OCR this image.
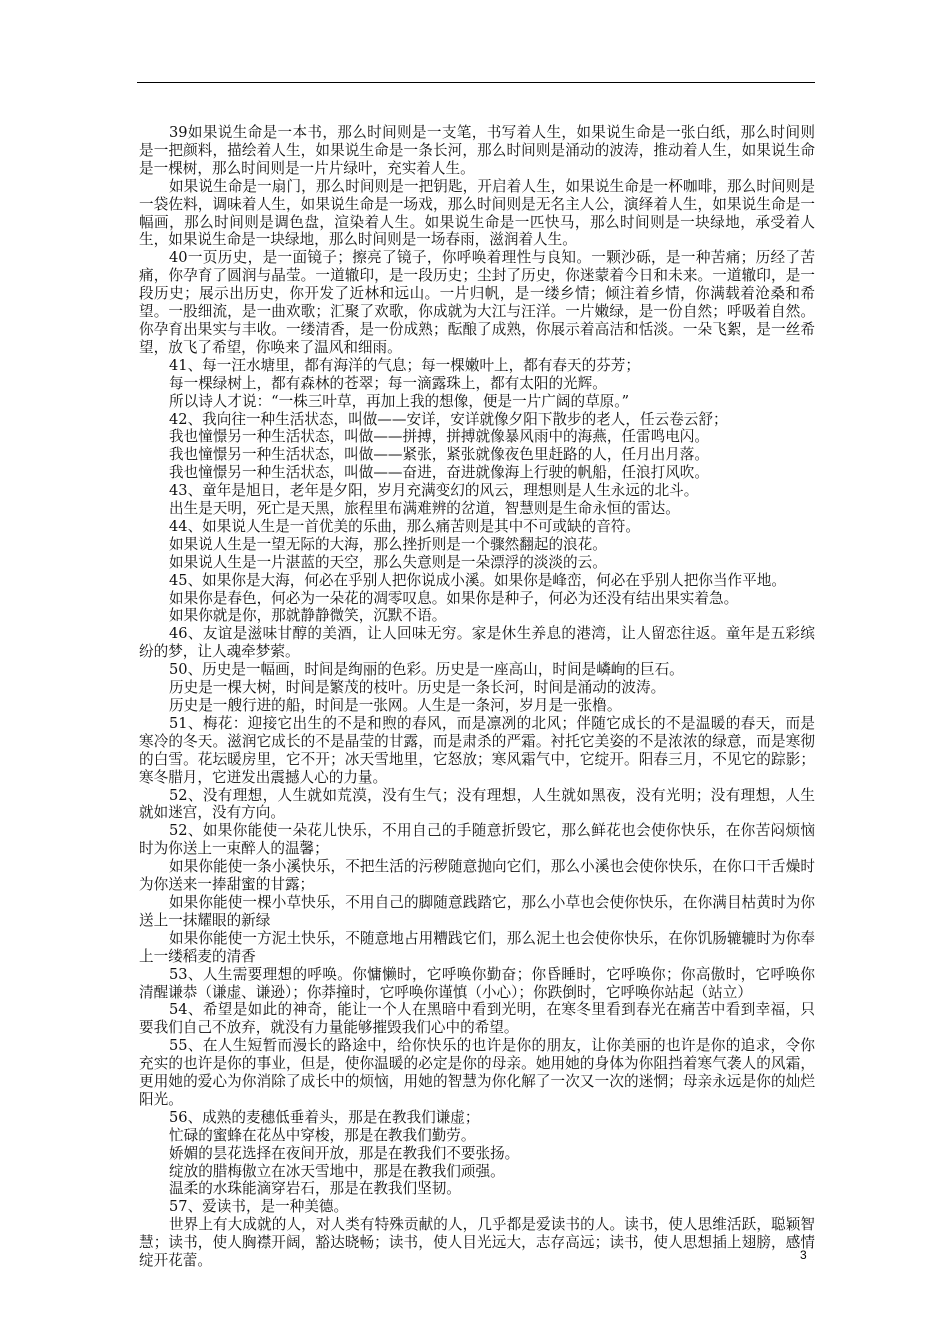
39如果说生命是一本书，那么时间则是一支笔，书写着人生，如果说生命是一张白纸，那么时间则是一把颜料，描绘着人生，如果说生命是一条长河，那么时间则是涌动的波涛，推动着人生，如果说生命是一棵树，那么时间则是一片片绿叶，充实着人生。

如果说生命是一扇门，那么时间则是一把钥匙，开启着人生，如果说生命是一杯咖啡，那么时间则是一袋佐料，调味着人生，如果说生命是一场戏，那么时间则是无名主人公，演绎着人生，如果说生命是一幅画，那么时间则是调色盘，渲染着人生。如果说生命是一匹快马，那么时间则是一块绿地，承受着人生，如果说生命是一块绿地，那么时间则是一场春雨，滋润着人生。

40一页历史，是一面镜子；擦亮了镜子，你呼唤着理性与良知。一颗沙砾，是一种苦痛；历经了苦痛，你孕育了圆润与晶莹。一道辙印，是一段历史；尘封了历史，你迷蒙着今日和未来。一道辙印，是一段历史；展示出历史，你开发了近林和远山。一片归帆，是一缕乡情；倾注着乡情，你满载着沧桑和希望。一股细流，是一曲欢歌；汇聚了欢歌，你成就为大江与汪洋。一片嫩绿，是一份自然；呼吸着自然。你孕育出果实与丰收。一缕清香，是一份成熟；酝酿了成熟，你展示着高洁和恬淡。一朵飞絮，是一丝希望，放飞了希望，你唤来了温风和细雨。

41、每一汪水塘里，都有海洋的气息；每一棵嫩叶上，都有春天的芬芳；

每一棵绿树上，都有森林的苍翠；每一滴露珠上，都有太阳的光辉。

所以诗人才说：“一株三叶草，再加上我的想像，便是一片广阔的草原。”

42、我向往一种生活状态，叫做——安详，安详就像夕阳下散步的老人，任云卷云舒；

我也憧憬另一种生活状态，叫做——拼搏，拼搏就像暴风雨中的海燕，任雷鸣电闪。

我也憧憬另一种生活状态，叫做——紧张，紧张就像夜色里赶路的人，任月出月落。

我也憧憬另一种生活状态，叫做——奋进，奋进就像海上行驶的帆船，任浪打风吹。

43、童年是旭日，老年是夕阳，岁月充满变幻的风云，理想则是人生永远的北斗。

出生是天明，死亡是天黑，旅程里布满难辨的岔道，智慧则是生命永恒的雷达。

44、如果说人生是一首优美的乐曲，那么痛苦则是其中不可或缺的音符。

如果说人生是一望无际的大海，那么挫折则是一个骤然翻起的浪花。

如果说人生是一片湛蓝的天空，那么失意则是一朵漂浮的淡淡的云。

45、如果你是大海，何必在乎别人把你说成小溪。如果你是峰峦，何必在乎别人把你当作平地。

如果你是春色，何必为一朵花的凋零叹息。如果你是种子，何必为还没有结出果实着急。

如果你就是你，那就静静微笑，沉默不语。

46、友谊是滋味甘醇的美酒，让人回味无穷。家是休生养息的港湾，让人留恋往返。童年是五彩缤纷的梦，让人魂牵梦萦。

50、历史是一幅画，时间是绚丽的色彩。历史是一座高山，时间是嶙峋的巨石。

历史是一棵大树，时间是繁茂的枝叶。历史是一条长河，时间是涌动的波涛。

历史是一艘行进的船，时间是一张网。人生是一条河，岁月是一张橹。

51、梅花：迎接它出生的不是和煦的春风，而是凛冽的北风；伴随它成长的不是温暖的春天，而是寒冷的冬天。滋润它成长的不是晶莹的甘露，而是肃杀的严霜。衬托它美姿的不是浓浓的绿意，而是寒彻的白雪。花坛暖房里，它不开；冰天雪地里，它怒放；寒风霜气中，它绽开。阳春三月，不见它的踪影；寒冬腊月，它迸发出震撼人心的力量。

52、没有理想，人生就如荒漠，没有生气；没有理想，人生就如黑夜，没有光明；没有理想，人生就如迷宫，没有方向。

52、如果你能使一朵花儿快乐，不用自己的手随意折毁它，那么鲜花也会使你快乐，在你苦闷烦恼时为你送上一束醉人的温馨；

如果你能使一条小溪快乐，不把生活的污秽随意抛向它们，那么小溪也会使你快乐，在你口干舌燥时为你送来一捧甜蜜的甘露；

如果你能使一棵小草快乐，不用自己的脚随意践踏它，那么小草也会使你快乐，在你满目枯黄时为你送上一抹耀眼的新绿

如果你能使一方泥土快乐，不随意地占用糟践它们，那么泥土也会使你快乐，在你饥肠辘辘时为你奉上一缕稻麦的清香

53、人生需要理想的呼唤。你慵懒时，它呼唤你勤奋；你昏睡时，它呼唤你；你高傲时，它呼唤你清醒谦恭（谦虚、谦逊）；你莽撞时，它呼唤你谨慎（小心）；你跌倒时，它呼唤你站起（站立）

54、希望是如此的神奇，能让一个人在黑暗中看到光明，在寒冬里看到春光在痛苦中看到幸福，只要我们自己不放弃，就没有力量能够摧毁我们心中的希望。

55、在人生短暂而漫长的路途中，给你快乐的也许是你的朋友，让你美丽的也许是你的追求，令你充实的也许是你的事业，但是，使你温暖的必定是你的母亲。她用她的身体为你阻挡着寒气袭人的风霜，更用她的爱心为你消除了成长中的烦恼，用她的智慧为你化解了一次又一次的迷惘；母亲永远是你的灿烂阳光。

56、成熟的麦穗低垂着头，那是在教我们谦虚；

忙碌的蜜蜂在花丛中穿梭，那是在教我们勤劳。

娇媚的昙花选择在夜间开放，那是在教我们不要张扬。

绽放的腊梅傲立在冰天雪地中，那是在教我们顽强。

温柔的水珠能滴穿岩石，那是在教我们坚韧。

57、爱读书，是一种美德。

世界上有大成就的人，对人类有特殊贡献的人，几乎都是爱读书的人。读书，使人思维活跃，聪颖智慧；读书，使人胸襟开阔，豁达晓畅；读书，使人目光远大，志存高远；读书，使人思想插上翅膀，感情绽开花蕾。	3
